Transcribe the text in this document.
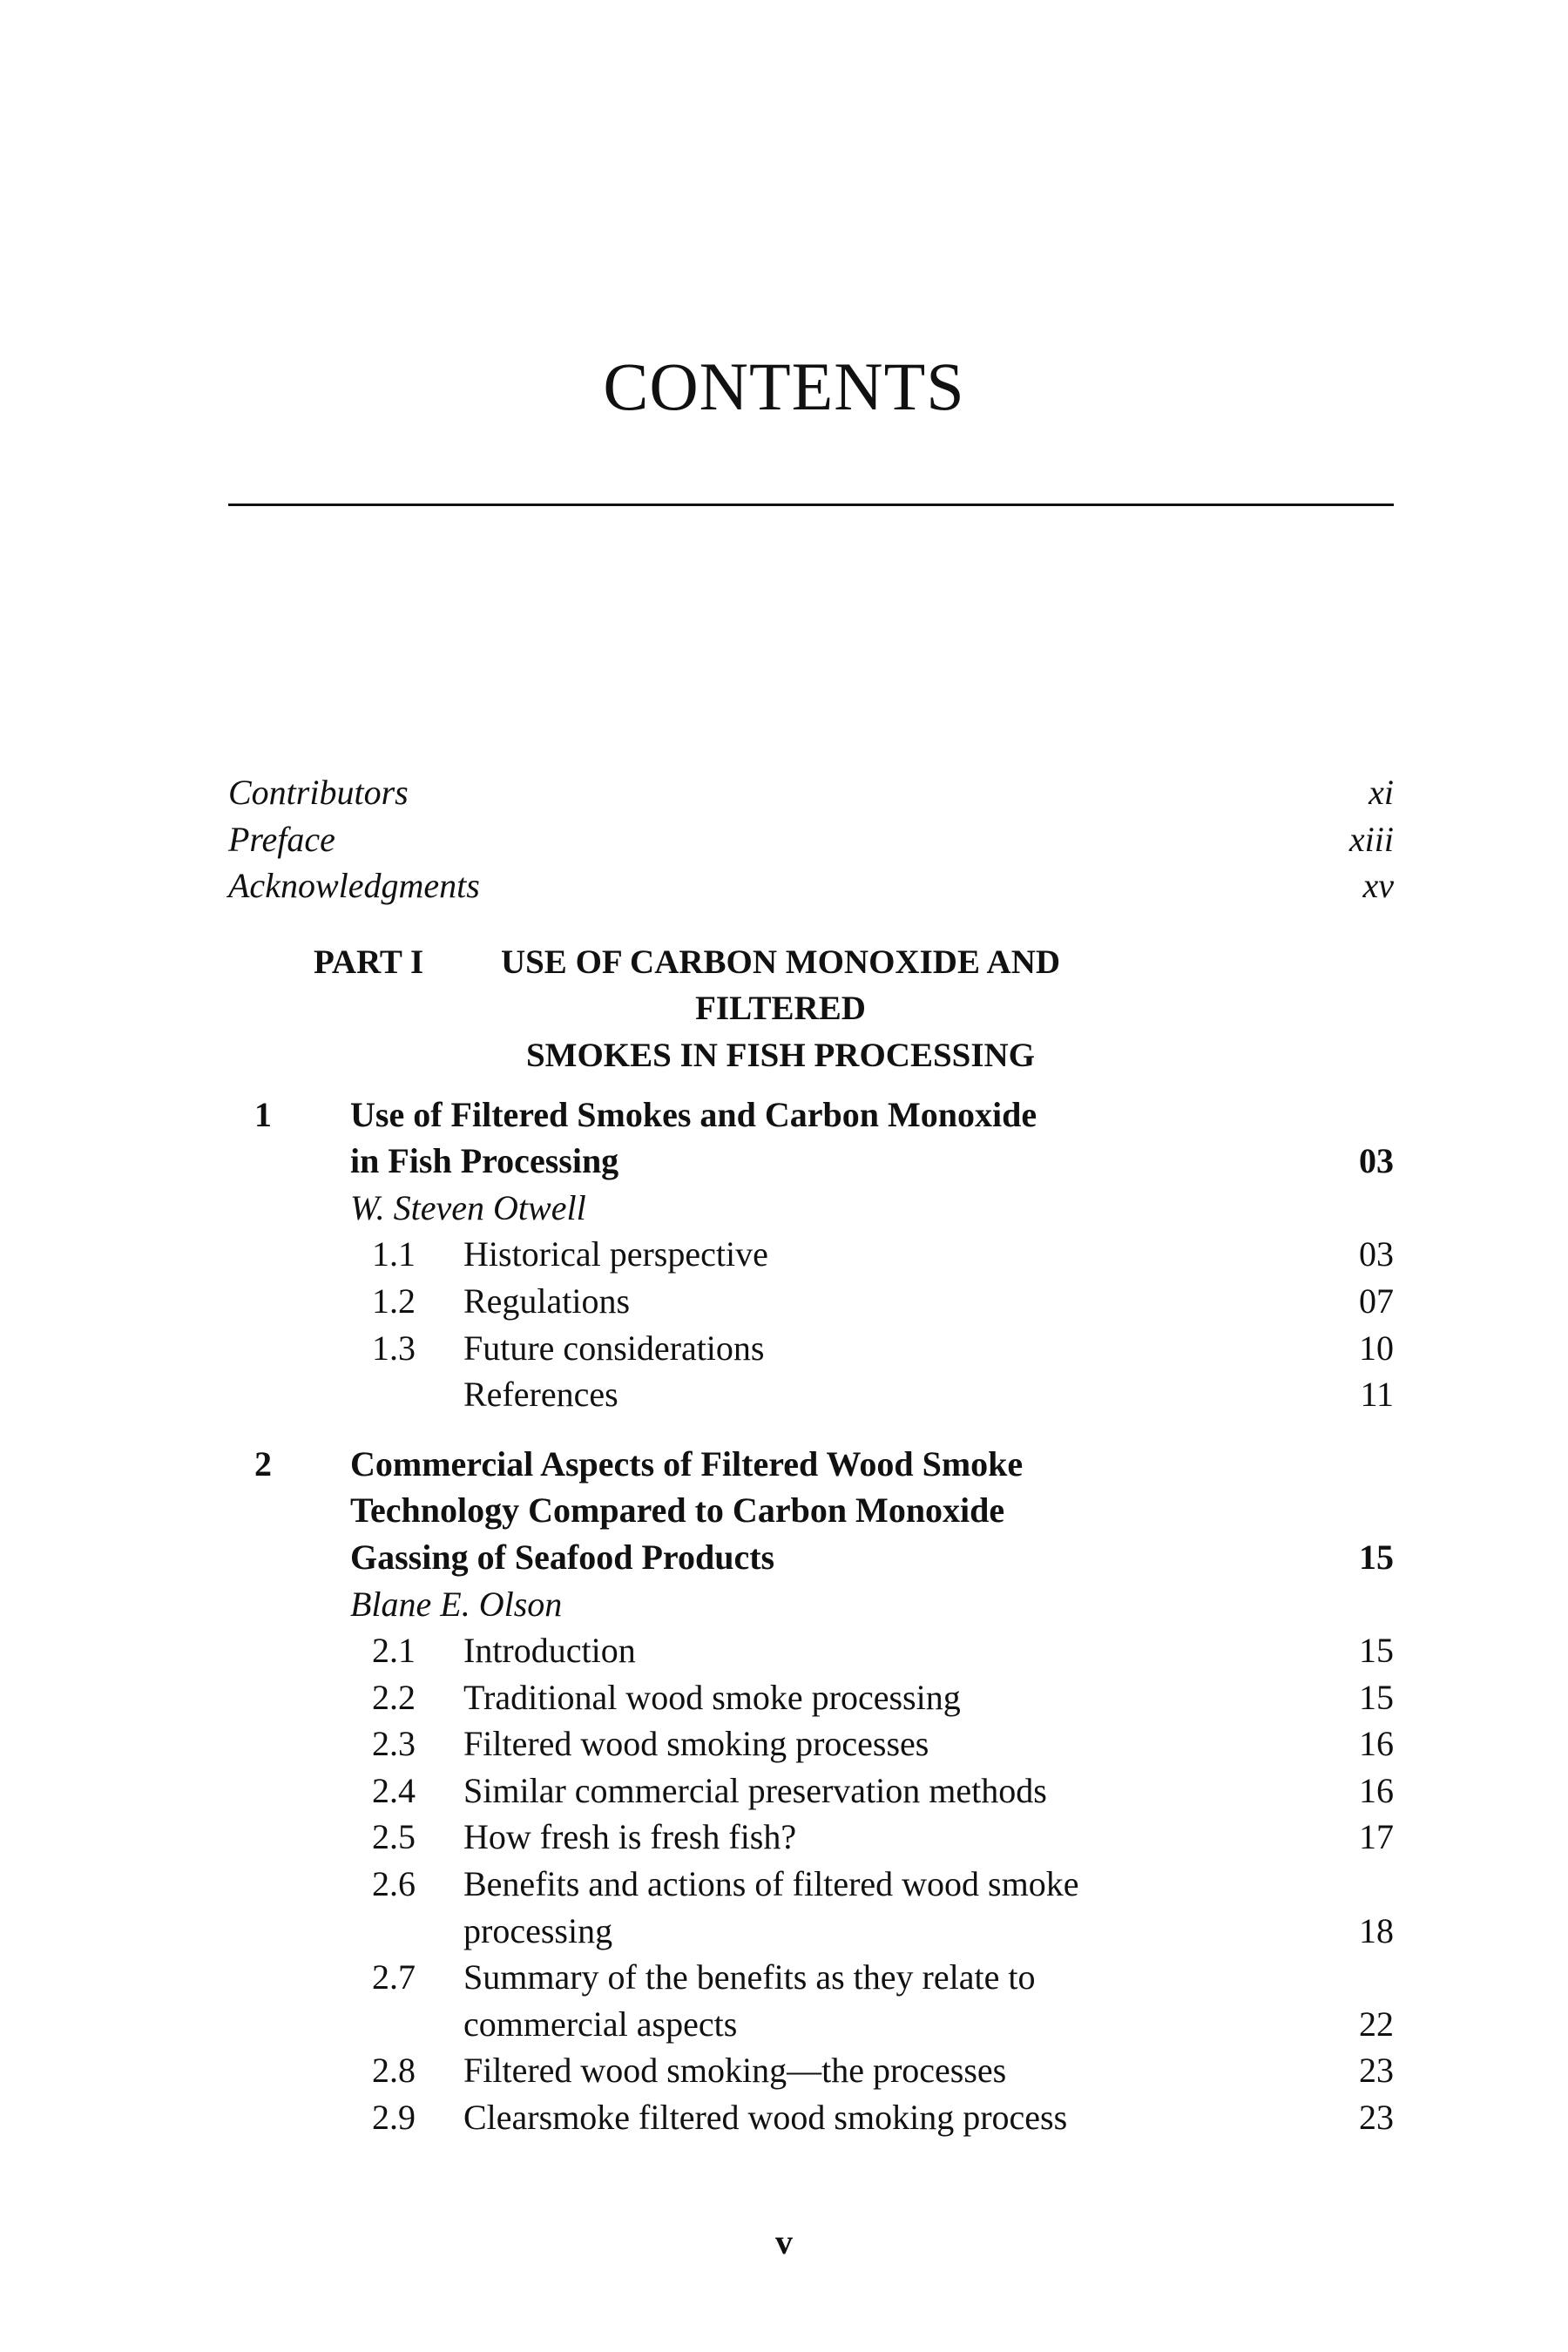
CONTENTS
Contributors	xi
Preface	xiii
Acknowledgments	xv
PART I	USE OF CARBON MONOXIDE AND FILTERED
SMOKES IN FISH PROCESSING
1 Use of Filtered Smokes and Carbon Monoxide
in Fish Processing	03
W. Steven Otwell
1.1 Historical perspective	03
1.2 Regulations	07
1.3 Future considerations	10
References	11
2 Commercial Aspects of Filtered Wood Smoke
Technology Compared to Carbon Monoxide
Gassing of Seafood Products	15
Blane E. Olson
2.1 Introduction	15
2.2 Traditional wood smoke processing	15
2.3 Filtered wood smoking processes	16
2.4 Similar commercial preservation methods	16
2.5 How fresh is fresh fish?	17
2.6 Benefits and actions of filtered wood smoke
processing	18
2.7 Summary of the benefits as they relate to
commercial aspects	22
2.8 Filtered wood smoking—the processes	23
2.9 Clearsmoke filtered wood smoking process	23
v
